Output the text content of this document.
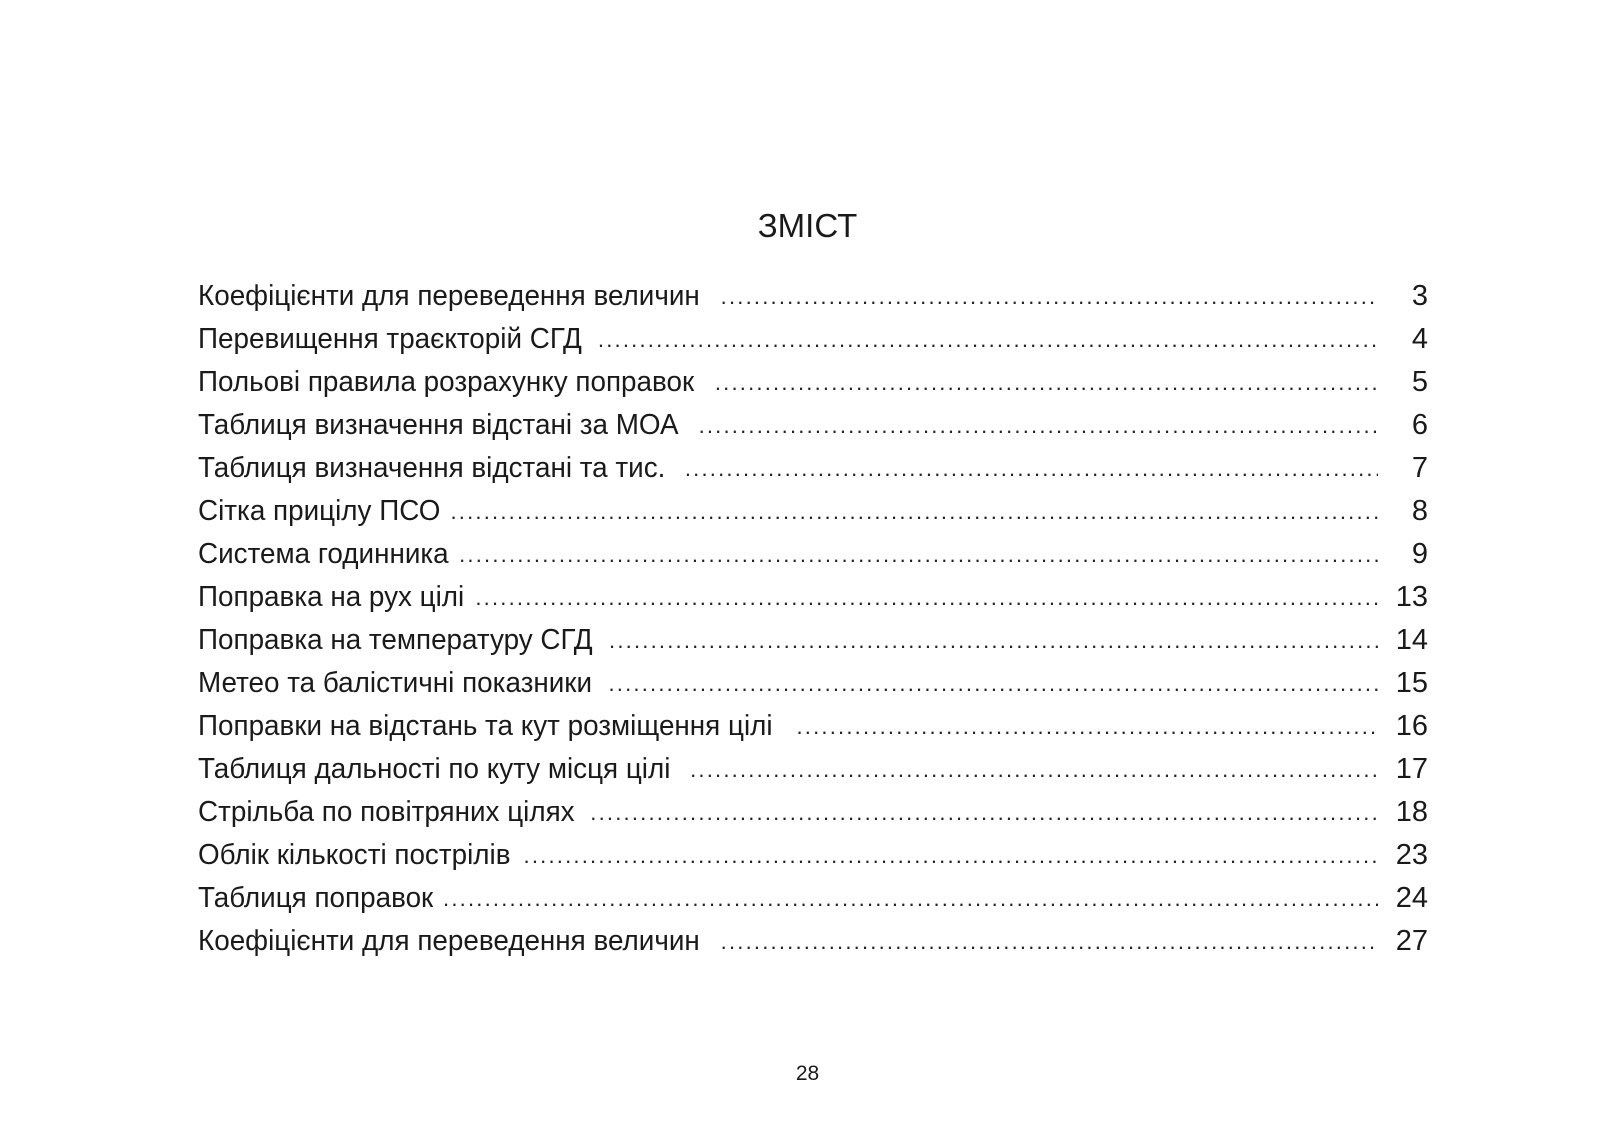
ЗМІСТ
Коефіцієнти для переведення величин .....	3
Перевищення траєкторій СГД .....	4
Польові правила розрахунку поправок .....	5
Таблиця визначення відстані за МОА .....	6
Таблиця визначення відстані та тис. .....	7
Сітка прицілу ПСО .....	8
Система годинника .....	9
Поправка на рух цілі .....	13
Поправка на температуру СГД .....	14
Метео та балістичні показники .....	15
Поправки на відстань та кут розміщення цілі .....	16
Таблиця дальності по куту місця цілі .....	17
Стрільба по повітряних цілях .....	18
Облік кількості пострілів .....	23
Таблиця поправок .....	24
Коефіцієнти для переведення величин .....	27
28
